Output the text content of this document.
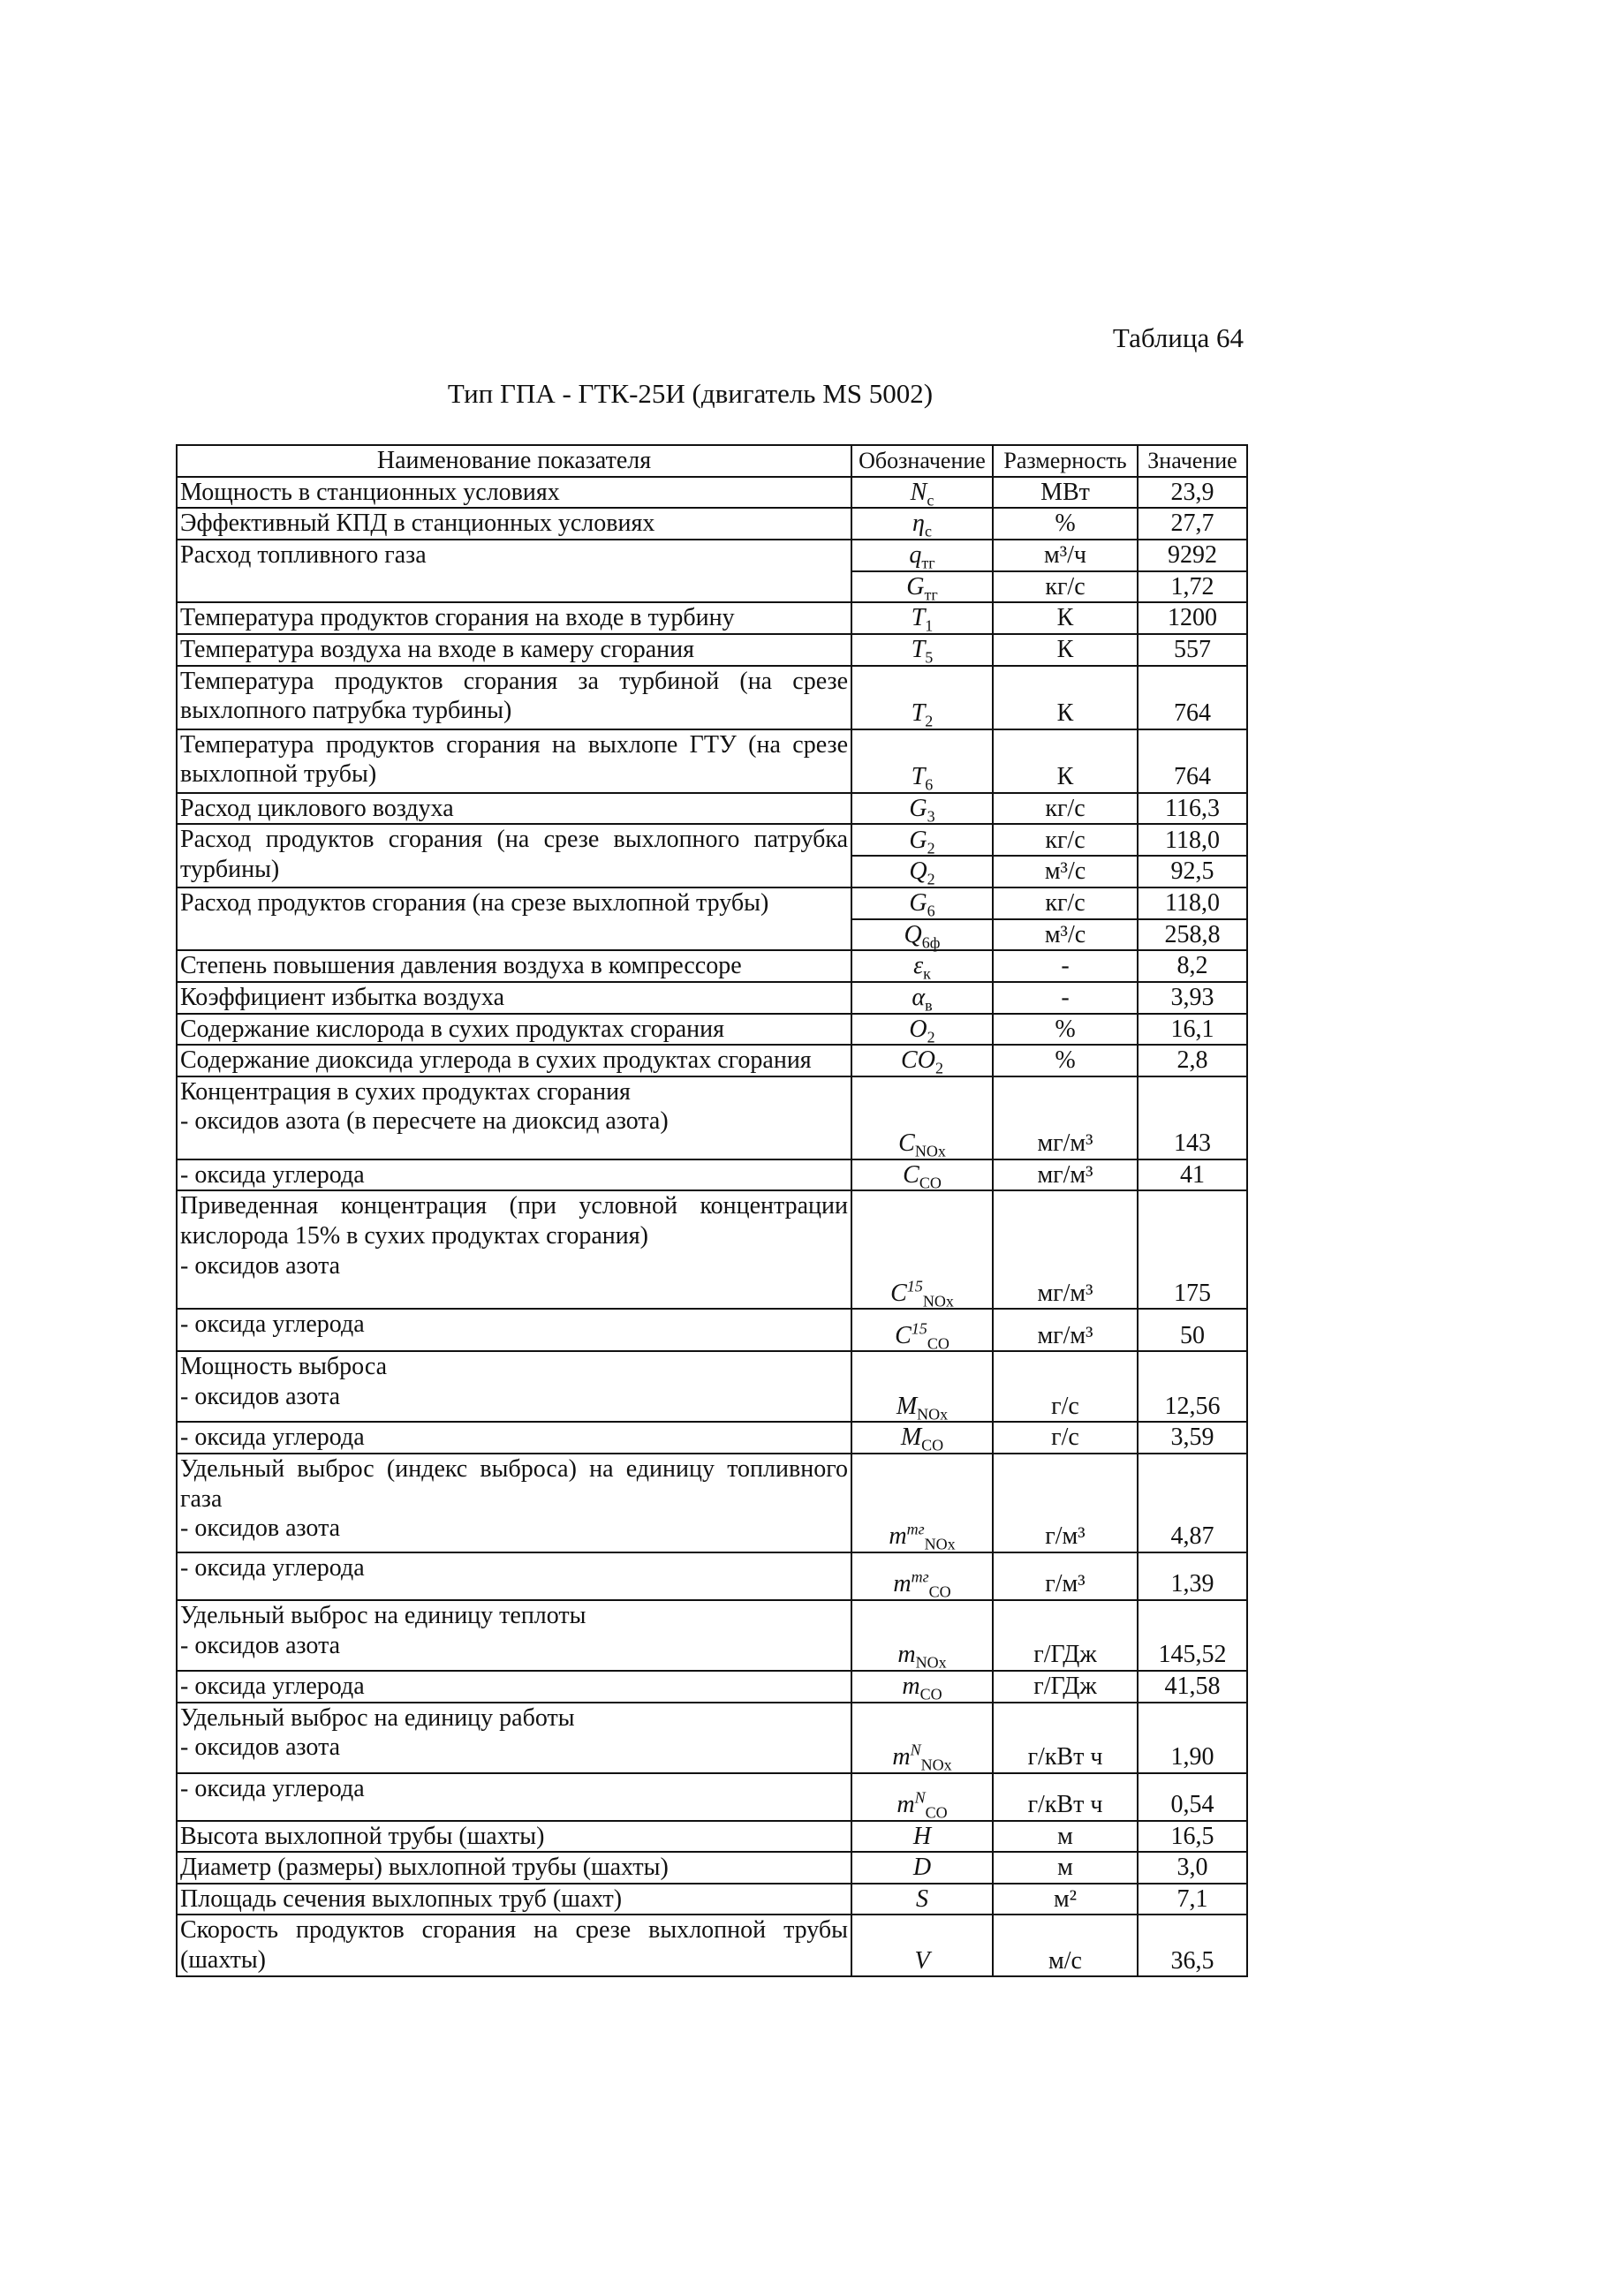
Таблица 64
Тип ГПА - ГТК-25И (двигатель MS 5002)
Наименование показателя	Обозначение	Размерность	Значение

Мощность в станционных условиях	$N_c$	МВт	23,9

Эффективный КПД в станционных условиях	$\eta_c$	%	27,7

Расход топливного газа	$q_{тг}$	м³/ч	9292
	$G_{тг}$	кг/с	1,72

Температура продуктов сгорания на входе в турбину	$T_1$	К	1200

Температура воздуха на входе в камеру сгорания	$T_5$	К	557

Температура продуктов сгорания за турбиной (на срезе выхлопного патрубка турбины)	$T_2$	К	764

Температура продуктов сгорания на выхлопе ГТУ (на срезе выхлопной трубы)	$T_6$	К	764

Расход циклового воздуха	$G_3$	кг/с	116,3

Расход продуктов сгорания (на срезе выхлопного патрубка турбины)	$G_2$	кг/с	118,0
	$Q_2$	м³/с	92,5

Расход продуктов сгорания (на срезе выхлопной трубы)	$G_6$	кг/с	118,0
	$Q_{6ф}$	м³/с	258,8

Степень повышения давления воздуха в компрессоре	$\varepsilon_к$	-	8,2

Коэффициент избытка воздуха	$\alpha_в$	-	3,93

Содержание кислорода в сухих продуктах сгорания	$O_2$	%	16,1

Содержание диоксида углерода в сухих продуктах сгорания	$CO_2$	%	2,8

Концентрация в сухих продуктах сгорания
- оксидов азота (в пересчете на диоксид азота)	$C_{NOx}$	мг/м³	143

- оксида углерода	$C_{CO}$	мг/м³	41

Приведенная концентрация (при условной концентрации кислорода 15% в сухих продуктах сгорания)
- оксидов азота	$C^{15}_{NOx}$	мг/м³	175

- оксида углерода	$C^{15}_{CO}$	мг/м³	50

Мощность выброса
- оксидов азота	$M_{NOx}$	г/с	12,56

- оксида углерода	$M_{CO}$	г/с	3,59

Удельный выброс (индекс выброса) на единицу топливного газа
- оксидов азота	$m^{тг}_{NOx}$	г/м³	4,87

- оксида углерода	$m^{тг}_{CO}$	г/м³	1,39

Удельный выброс на единицу теплоты
- оксидов азота	$m_{NOx}$	г/ГДж	145,52

- оксида углерода	$m_{CO}$	г/ГДж	41,58

Удельный выброс на единицу работы
- оксидов азота	$m^N_{NOx}$	г/кВт ч	1,90

- оксида углерода	$m^N_{CO}$	г/кВт ч	0,54

Высота выхлопной трубы (шахты)	H	м	16,5

Диаметр (размеры) выхлопной трубы (шахты)	D	м	3,0

Площадь сечения выхлопных труб (шахт)	S	м²	7,1

Скорость продуктов сгорания на срезе выхлопной трубы (шахты)	V	м/с	36,5
